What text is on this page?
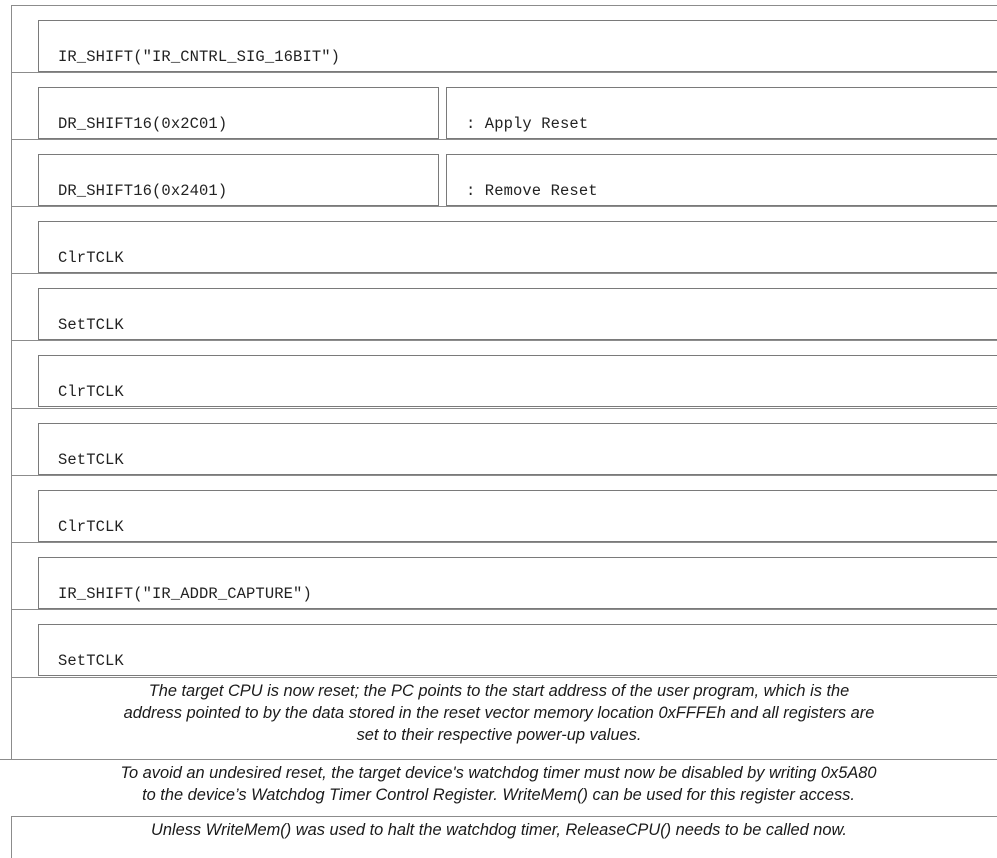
IR_SHIFT("IR_CNTRL_SIG_16BIT")
DR_SHIFT16(0x2C01)	: Apply Reset
DR_SHIFT16(0x2401)	: Remove Reset
ClrTCLK
SetTCLK
ClrTCLK
SetTCLK
ClrTCLK
IR_SHIFT("IR_ADDR_CAPTURE")
SetTCLK
The target CPU is now reset; the PC points to the start address of the user program, which is the
address pointed to by the data stored in the reset vector memory location 0xFFFEh and all registers are
set to their respective power-up values.
To avoid an undesired reset, the target device's watchdog timer must now be disabled by writing 0x5A80
to the device’s Watchdog Timer Control Register. WriteMem() can be used for this register access.
Unless WriteMem() was used to halt the watchdog timer, ReleaseCPU() needs to be called now.
